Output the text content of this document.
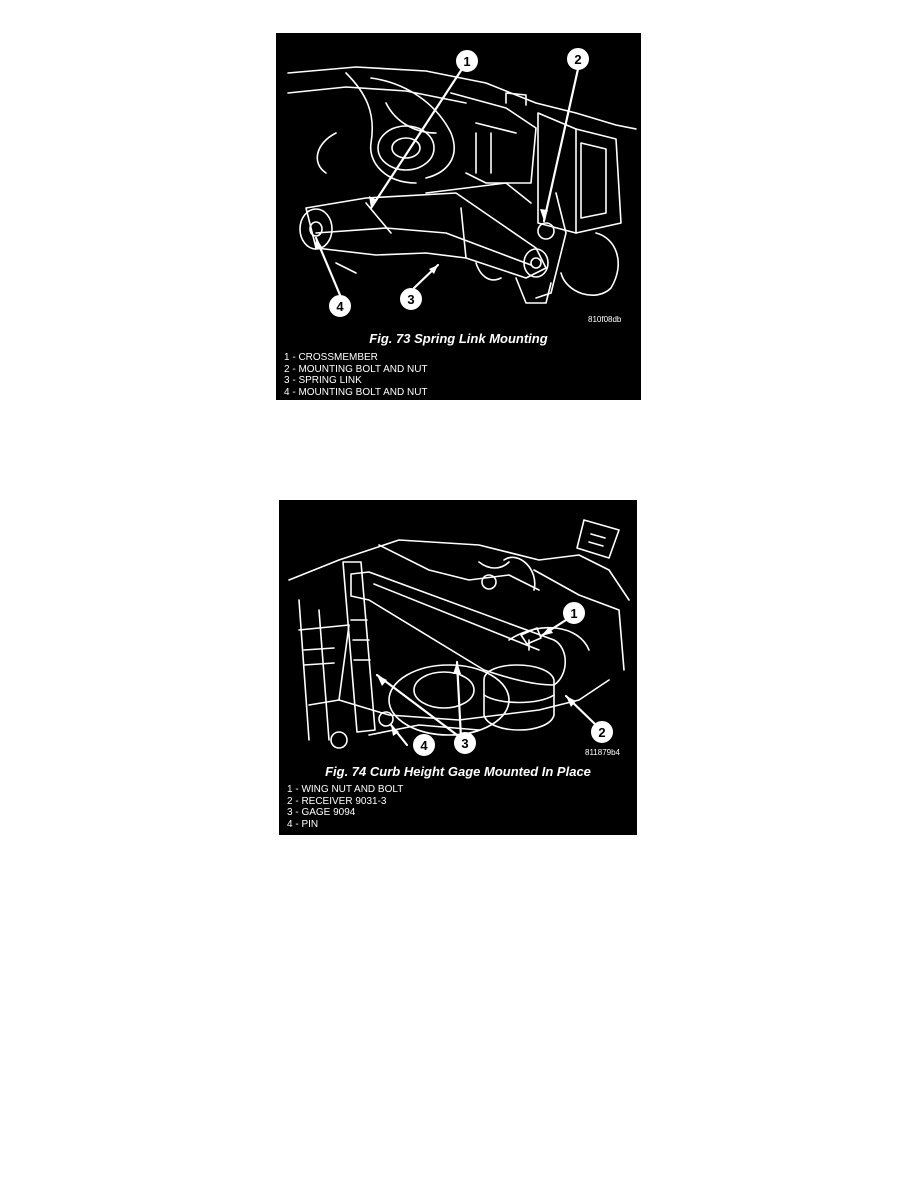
1	2
3
4
810f08db
Fig. 73 Spring Link Mounting
1 - CROSSMEMBER
2 - MOUNTING BOLT AND NUT
3 - SPRING LINK
4 - MOUNTING BOLT AND NUT
1
2
3
4	811879b4
Fig. 74 Curb Height Gage Mounted In Place
1 - WING NUT AND BOLT
2 - RECEIVER 9031-3
3 - GAGE 9094
4 - PIN
